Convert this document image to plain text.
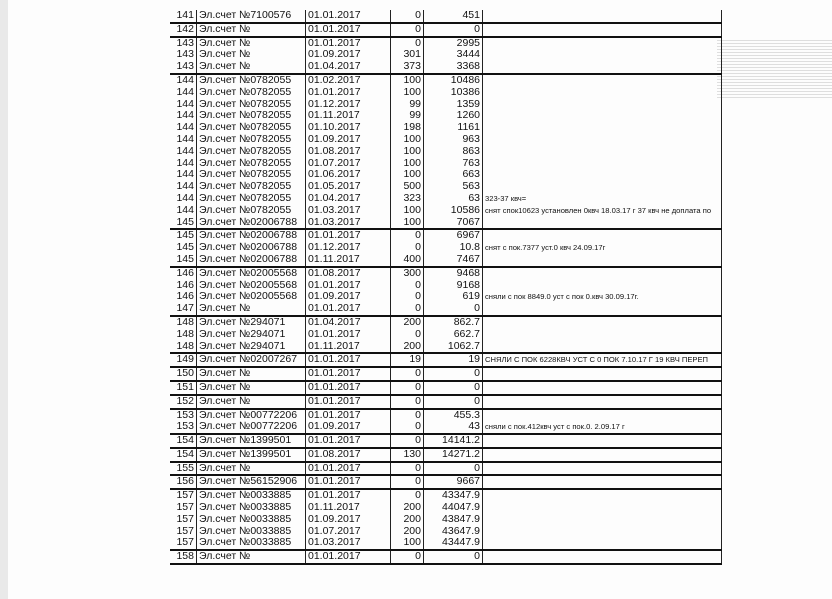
141	Эл.счет №7100576	01.01.2017	0	451	
142	Эл.счет №	01.01.2017	0	0	
143	Эл.счет №	01.01.2017	0	2995	
143	Эл.счет №	01.09.2017	301	3444	
143	Эл.счет №	01.04.2017	373	3368	
144	Эл.счет №0782055	01.02.2017	100	10486	
144	Эл.счет №0782055	01.01.2017	100	10386	
144	Эл.счет №0782055	01.12.2017	99	1359	
144	Эл.счет №0782055	01.11.2017	99	1260	
144	Эл.счет №0782055	01.10.2017	198	1161	
144	Эл.счет №0782055	01.09.2017	100	963	
144	Эл.счет №0782055	01.08.2017	100	863	
144	Эл.счет №0782055	01.07.2017	100	763	
144	Эл.счет №0782055	01.06.2017	100	663	
144	Эл.счет №0782055	01.05.2017	500	563	
144	Эл.счет №0782055	01.04.2017	323	63	323-37 квч=
144	Эл.счет №0782055	01.03.2017	100	10586	снят спок10623 установлен 0квч 18.03.17 г 37 квч не доплата по
145	Эл.счет №02006788	01.03.2017	100	7067	
145	Эл.счет №02006788	01.01.2017	0	6967	
145	Эл.счет №02006788	01.12.2017	0	10.8	снят с пок.7377 уст.0 квч 24.09.17г
145	Эл.счет №02006788	01.11.2017	400	7467	
146	Эл.счет №02005568	01.08.2017	300	9468	
146	Эл.счет №02005568	01.01.2017	0	9168	
146	Эл.счет №02005568	01.09.2017	0	619	сняли с пок 8849.0 уст с пок 0.квч 30.09.17г.
147	Эл.счет №	01.01.2017	0	0	
148	Эл.счет №294071	01.04.2017	200	862.7	
148	Эл.счет №294071	01.01.2017	0	662.7	
148	Эл.счет №294071	01.11.2017	200	1062.7	
149	Эл.счет №02007267	01.01.2017	19	19	СНЯЛИ С ПОК 6228КВЧ УСТ С 0 ПОК 7.10.17 Г 19 КВЧ ПЕРЕП
150	Эл.счет №	01.01.2017	0	0	
151	Эл.счет №	01.01.2017	0	0	
152	Эл.счет №	01.01.2017	0	0	
153	Эл.счет №00772206	01.01.2017	0	455.3	
153	Эл.счет №00772206	01.09.2017	0	43	сняли с пок.412квч уст с пок.0. 2.09.17 г
154	Эл.счет №1399501	01.01.2017	0	14141.2	
154	Эл.счет №1399501	01.08.2017	130	14271.2	
155	Эл.счет №	01.01.2017	0	0	
156	Эл.счет №56152906	01.01.2017	0	9667	
157	Эл.счет №0033885	01.01.2017	0	43347.9	
157	Эл.счет №0033885	01.11.2017	200	44047.9	
157	Эл.счет №0033885	01.09.2017	200	43847.9	
157	Эл.счет №0033885	01.07.2017	200	43647.9	
157	Эл.счет №0033885	01.03.2017	100	43447.9	
158	Эл.счет №	01.01.2017	0	0	
